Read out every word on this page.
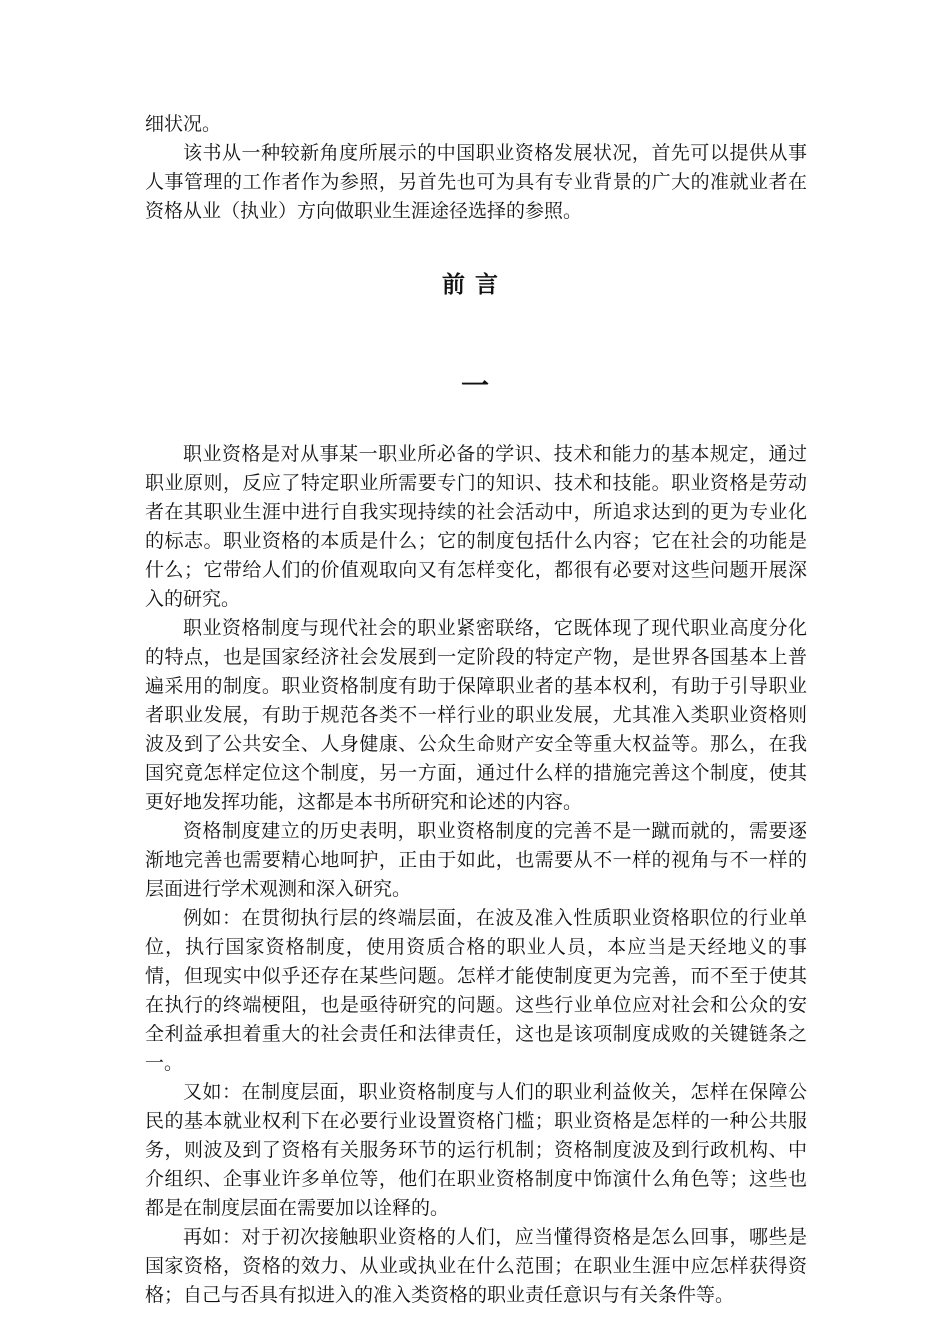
细状况。

该书从一种较新角度所展示的中国职业资格发展状况，首先可以提供从事人事管理的工作者作为参照，另首先也可为具有专业背景的广大的准就业者在资格从业（执业）方向做职业生涯途径选择的参照。

前言
一

职业资格是对从事某一职业所必备的学识、技术和能力的基本规定，通过职业原则，反应了特定职业所需要专门的知识、技术和技能。职业资格是劳动者在其职业生涯中进行自我实现持续的社会活动中，所追求达到的更为专业化的标志。职业资格的本质是什么；它的制度包括什么内容；它在社会的功能是什么；它带给人们的价值观取向又有怎样变化，都很有必要对这些问题开展深入的研究。

职业资格制度与现代社会的职业紧密联络，它既体现了现代职业高度分化的特点，也是国家经济社会发展到一定阶段的特定产物，是世界各国基本上普遍采用的制度。职业资格制度有助于保障职业者的基本权利，有助于引导职业者职业发展，有助于规范各类不一样行业的职业发展，尤其准入类职业资格则波及到了公共安全、人身健康、公众生命财产安全等重大权益等。那么，在我国究竟怎样定位这个制度，另一方面，通过什么样的措施完善这个制度，使其更好地发挥功能，这都是本书所研究和论述的内容。

资格制度建立的历史表明，职业资格制度的完善不是一蹴而就的，需要逐渐地完善也需要精心地呵护，正由于如此，也需要从不一样的视角与不一样的层面进行学术观测和深入研究。

例如：在贯彻执行层的终端层面，在波及准入性质职业资格职位的行业单位，执行国家资格制度，使用资质合格的职业人员，本应当是天经地义的事情，但现实中似乎还存在某些问题。怎样才能使制度更为完善，而不至于使其在执行的终端梗阻，也是亟待研究的问题。这些行业单位应对社会和公众的安全利益承担着重大的社会责任和法律责任，这也是该项制度成败的关键链条之一。

又如：在制度层面，职业资格制度与人们的职业利益攸关，怎样在保障公民的基本就业权利下在必要行业设置资格门槛；职业资格是怎样的一种公共服务，则波及到了资格有关服务环节的运行机制；资格制度波及到行政机构、中介组织、企事业许多单位等，他们在职业资格制度中饰演什么角色等；这些也都是在制度层面在需要加以诠释的。

再如：对于初次接触职业资格的人们，应当懂得资格是怎么回事，哪些是国家资格，资格的效力、从业或执业在什么范围；在职业生涯中应怎样获得资格；自己与否具有拟进入的准入类资格的职业责任意识与有关条件等。
